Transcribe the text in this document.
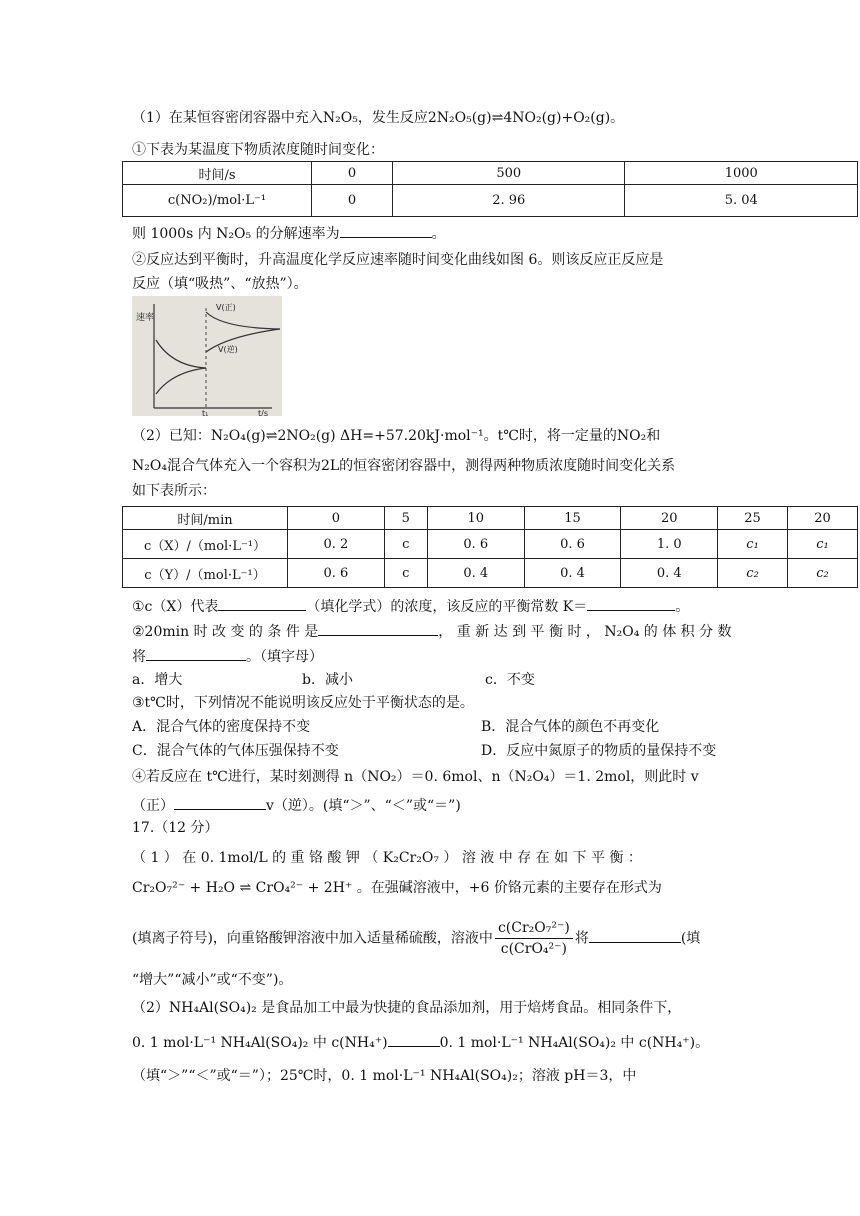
（1）在某恒容密闭容器中充入N₂O₅，发生反应2N₂O₅(g)⇌4NO₂(g)+O₂(g)。
①下表为某温度下物质浓度随时间变化：
时间/s	0	500	1000
c(NO₂)/mol·L⁻¹	0	2. 96	5. 04
则 1000s 内 N₂O₅ 的分解速率为	。
②反应达到平衡时，升高温度化学反应速率随时间变化曲线如图 6。则该反应正反应是
反应（填“吸热”、“放热”）。
速率
V(正)
V(逆)
t₁	t/s
（2）已知：N₂O₄(g)⇌2NO₂(g) ΔH=+57.20kJ·mol⁻¹。t℃时，将一定量的NO₂和
N₂O₄混合气体充入一个容积为2L的恒容密闭容器中，测得两种物质浓度随时间变化关系
如下表所示：
时间/min	0	5	10	15	20	25	20
c（X）/（mol·L⁻¹）	0. 2	c	0. 6	0. 6	1. 0	c₁	c₁
c（Y）/（mol·L⁻¹）	0. 6	c	0. 4	0. 4	0. 4	c₂	c₂
①c（X）代表	（填化学式）的浓度，该反应的平衡常数 K＝	。
②20min 时 改 变 的 条 件 是	， 重 新 达 到 平 衡 时 ， N₂O₄ 的 体 积 分 数
将	。（填字母）
a．增大	b．减小	c．不变
③t℃时，下列情况不能说明该反应处于平衡状态的是。
A．混合气体的密度保持不变	B．混合气体的颜色不再变化
C．混合气体的气体压强保持不变	D．反应中氮原子的物质的量保持不变
④若反应在 t℃进行，某时刻测得 n（NO₂）＝0. 6mol、n（N₂O₄）＝1. 2mol，则此时 v
（正）	v（逆）。(填“＞”、“＜”或“＝”)
17.（12 分）
（ 1 ） 在 0. 1mol/L 的 重 铬 酸 钾 （ K₂Cr₂O₇ ） 溶 液 中 存 在 如 下 平 衡 ：
Cr₂O₇²⁻ + H₂O ⇌ CrO₄²⁻ + 2H⁺ 。在强碱溶液中，+6 价铬元素的主要存在形式为
(填离子符号)，向重铬酸钾溶液中加入适量稀硫酸，溶液中 $\frac{\text{c(Cr₂O₇²⁻)}}{\text{c(CrO₄²⁻)}}$ 将	(填
“增大”“减小”或“不变”)。
（2）NH₄Al(SO₄)₂ 是食品加工中最为快捷的食品添加剂，用于焙烤食品。相同条件下，
0. 1 mol·L⁻¹ NH₄Al(SO₄)₂ 中 c(NH₄⁺)	0. 1 mol·L⁻¹ NH₄Al(SO₄)₂ 中 c(NH₄⁺)。
（填“＞”“＜”或“＝”）；25℃时，0. 1 mol·L⁻¹ NH₄Al(SO₄)₂；溶液 pH＝3，中
